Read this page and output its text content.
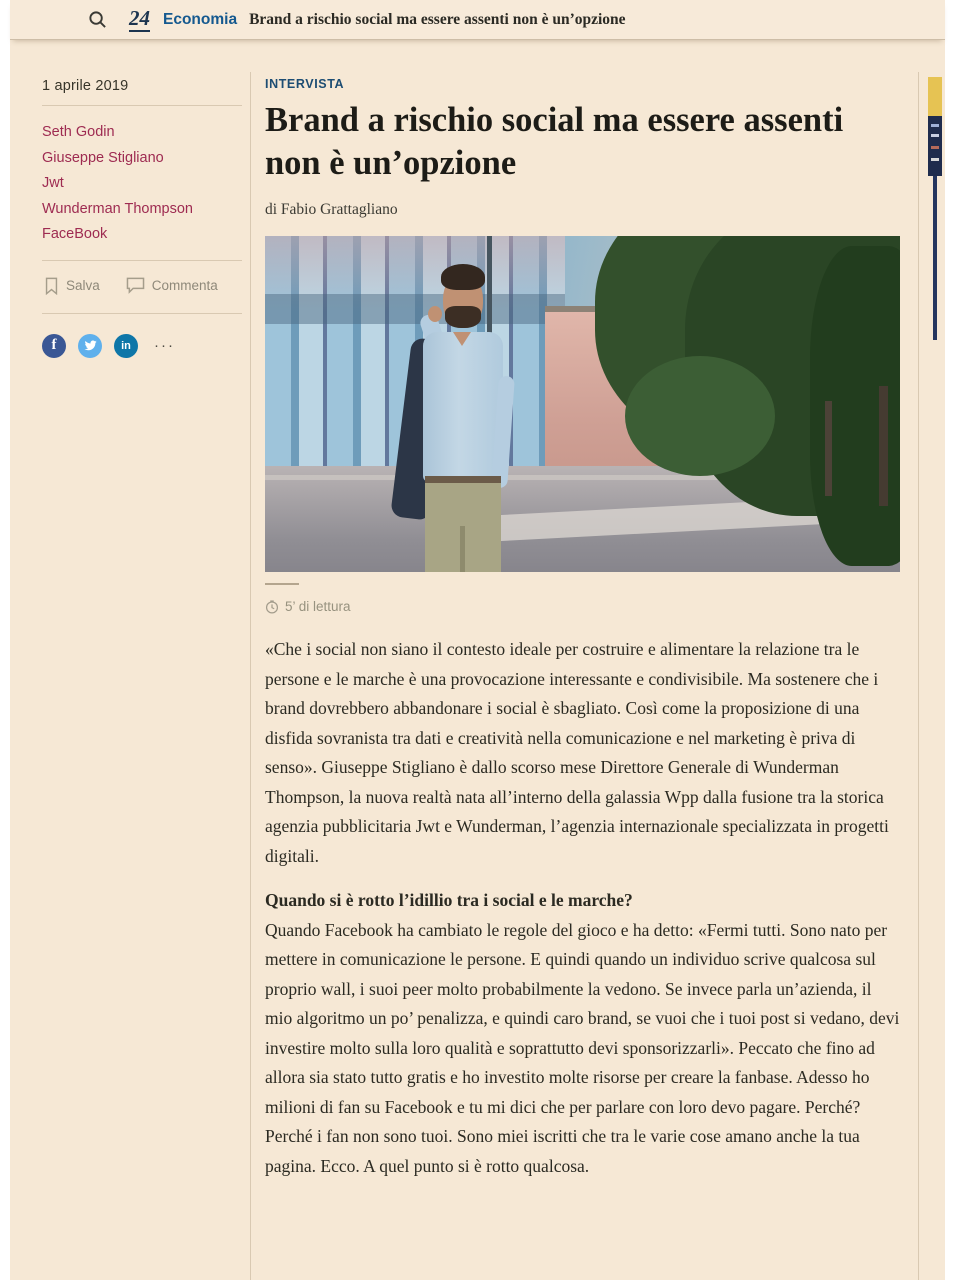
24 Economia Brand a rischio social ma essere assenti non è un’opzione
1 aprile 2019
Seth Godin
Giuseppe Stigliano
Jwt
Wunderman Thompson
FaceBook
Salva	Commenta
f	in	···
INTERVISTA
Brand a rischio social ma essere assenti non è un’opzione
di Fabio Grattagliano
5’ di lettura

«Che i social non siano il contesto ideale per costruire e alimentare la relazione tra le persone e le marche è una provocazione interessante e condivisibile. Ma sostenere che i brand dovrebbero abbandonare i social è sbagliato. Così come la proposizione di una disfida sovranista tra dati e creatività nella comunicazione e nel marketing è priva di senso». Giuseppe Stigliano è dallo scorso mese Direttore Generale di Wunderman Thompson, la nuova realtà nata all’interno della galassia Wpp dalla fusione tra la storica agenzia pubblicitaria Jwt e Wunderman, l’agenzia internazionale specializzata in progetti digitali.

Quando si è rotto l’idillio tra i social e le marche?
Quando Facebook ha cambiato le regole del gioco e ha detto: «Fermi tutti. Sono nato per mettere in comunicazione le persone. E quindi quando un individuo scrive qualcosa sul proprio wall, i suoi peer molto probabilmente la vedono. Se invece parla un’azienda, il mio algoritmo un po’ penalizza, e quindi caro brand, se vuoi che i tuoi post si vedano, devi investire molto sulla loro qualità e soprattutto devi sponsorizzarli». Peccato che fino ad allora sia stato tutto gratis e ho investito molte risorse per creare la fanbase. Adesso ho milioni di fan su Facebook e tu mi dici che per parlare con loro devo pagare. Perché? Perché i fan non sono tuoi. Sono miei iscritti che tra le varie cose amano anche la tua pagina. Ecco. A quel punto si è rotto qualcosa.
